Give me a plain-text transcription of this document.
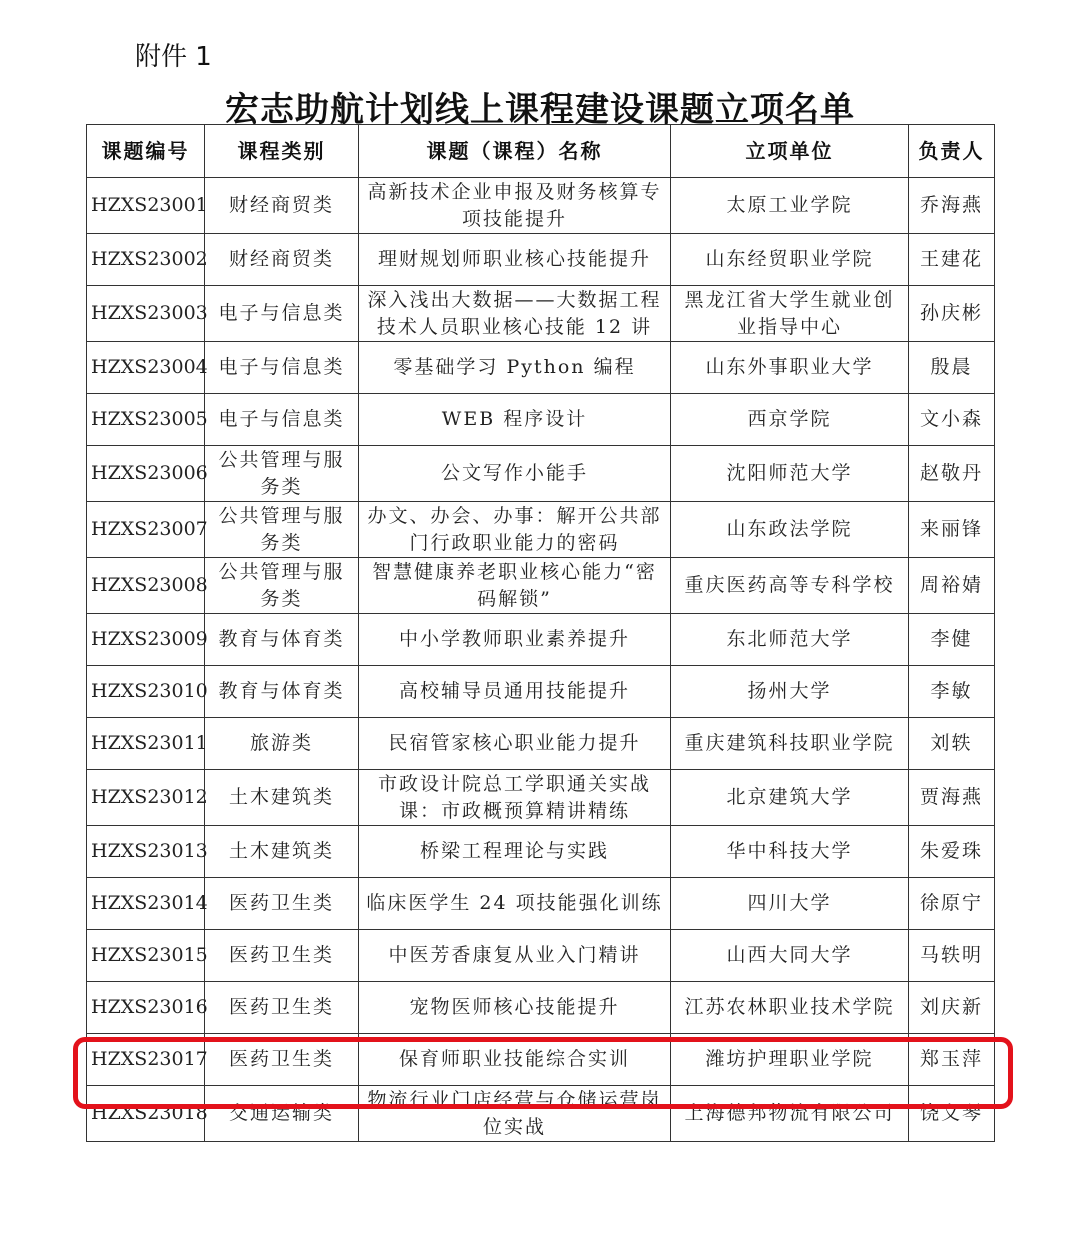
附件 1
宏志助航计划线上课程建设课题立项名单
课题编号	课程类别	课题（课程）名称	立项单位	负责人
HZXS23001	财经商贸类	高新技术企业申报及财务核算专项技能提升	太原工业学院	乔海燕
HZXS23002	财经商贸类	理财规划师职业核心技能提升	山东经贸职业学院	王建花
HZXS23003	电子与信息类	深入浅出大数据——大数据工程技术人员职业核心技能 12 讲	黑龙江省大学生就业创业指导中心	孙庆彬
HZXS23004	电子与信息类	零基础学习 Python 编程	山东外事职业大学	殷晨
HZXS23005	电子与信息类	WEB 程序设计	西京学院	文小森
HZXS23006	公共管理与服务类	公文写作小能手	沈阳师范大学	赵敬丹
HZXS23007	公共管理与服务类	办文、办会、办事：解开公共部门行政职业能力的密码	山东政法学院	来丽锋
HZXS23008	公共管理与服务类	智慧健康养老职业核心能力“密码解锁”	重庆医药高等专科学校	周裕婧
HZXS23009	教育与体育类	中小学教师职业素养提升	东北师范大学	李健
HZXS23010	教育与体育类	高校辅导员通用技能提升	扬州大学	李敏
HZXS23011	旅游类	民宿管家核心职业能力提升	重庆建筑科技职业学院	刘轶
HZXS23012	土木建筑类	市政设计院总工学职通关实战课：市政概预算精讲精练	北京建筑大学	贾海燕
HZXS23013	土木建筑类	桥梁工程理论与实践	华中科技大学	朱爱珠
HZXS23014	医药卫生类	临床医学生 24 项技能强化训练	四川大学	徐原宁
HZXS23015	医药卫生类	中医芳香康复从业入门精讲	山西大同大学	马轶明
HZXS23016	医药卫生类	宠物医师核心技能提升	江苏农林职业技术学院	刘庆新
HZXS23017	医药卫生类	保育师职业技能综合实训	潍坊护理职业学院	郑玉萍
HZXS23018	交通运输类	物流行业门店经营与仓储运营岗位实战	上海德邦物流有限公司	饶文琴
